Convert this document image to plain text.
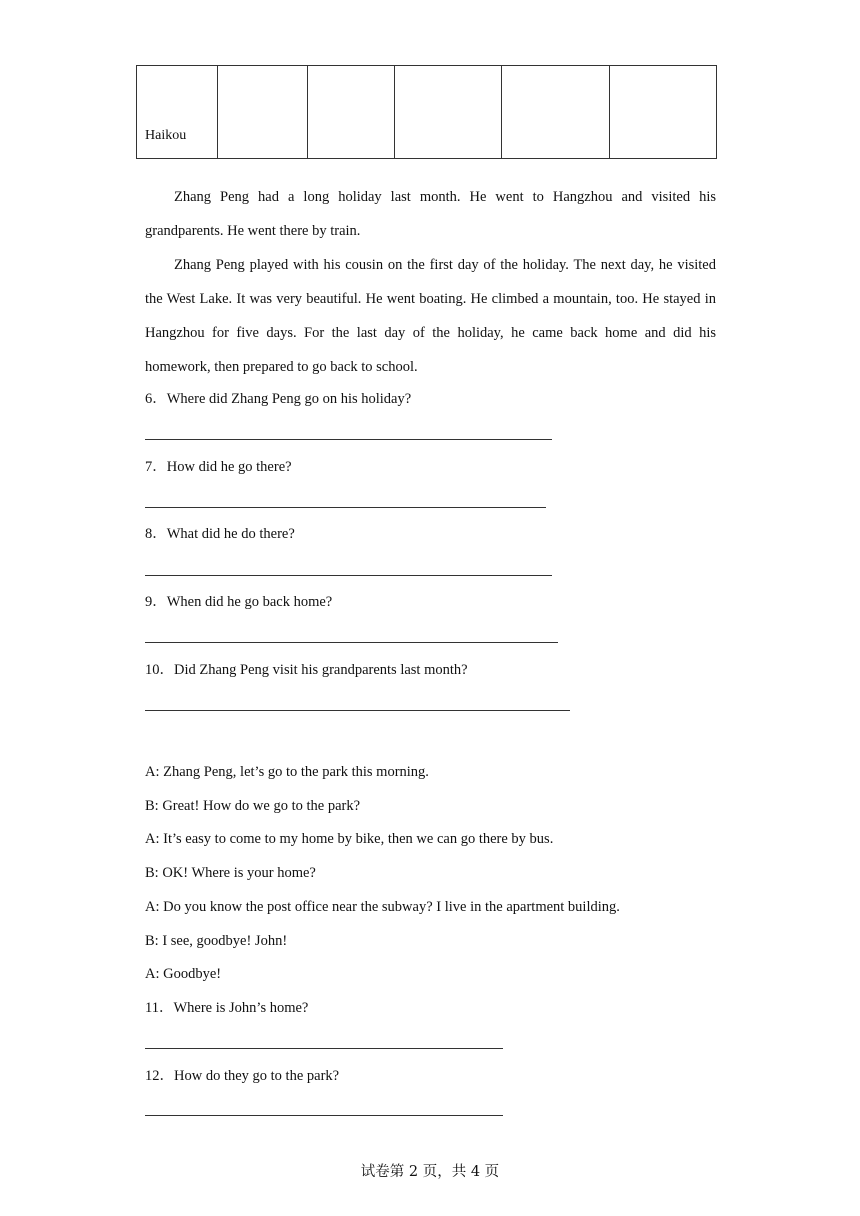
Haikou					

Zhang Peng had a long holiday last month. He went to Hangzhou and visited his grandparents. He went there by train.

Zhang Peng played with his cousin on the first day of the holiday. The next day, he visited the West Lake. It was very beautiful. He went boating. He climbed a mountain, too. He stayed in Hangzhou for five days. For the last day of the holiday, he came back home and did his homework, then prepared to go back to school.

6．Where did Zhang Peng go on his holiday?
7．How did he go there?
8．What did he do there?
9．When did he go back home?
10．Did Zhang Peng visit his grandparents last month?
A: Zhang Peng, let’s go to the park this morning.
B: Great! How do we go to the park?
A: It’s easy to come to my home by bike, then we can go there by bus.
B: OK! Where is your home?
A: Do you know the post office near the subway? I live in the apartment building.
B: I see, goodbye! John!
A: Goodbye!
11．Where is John’s home?
12．How do they go to the park?
试卷第 2 页，共 4 页
